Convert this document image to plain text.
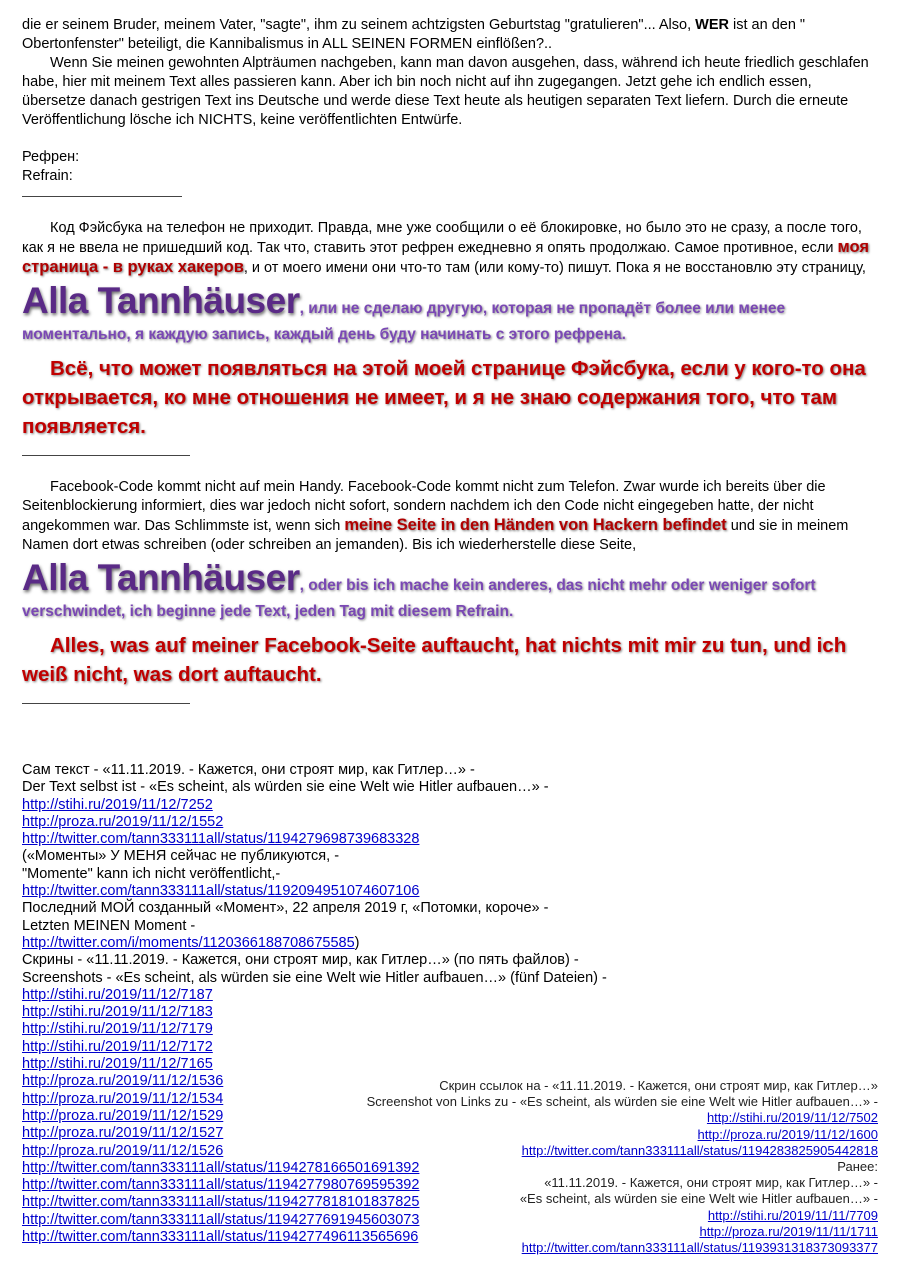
die er seinem Bruder, meinem Vater, "sagte", ihm zu seinem achtzigsten Geburtstag "gratulieren"... Also, WER ist an den " Obertonfenster" beteiligt, die Kannibalismus in ALL SEINEN FORMEN einflößen?..

Wenn Sie meinen gewohnten Alpträumen nachgeben, kann man davon ausgehen, dass, während ich heute friedlich geschlafen habe, hier mit meinem Text alles passieren kann. Aber ich bin noch nicht auf ihn zugegangen. Jetzt gehe ich endlich essen, übersetze danach gestrigen Text ins Deutsche und werde diese Text heute als heutigen separaten Text liefern. Durch die erneute Veröffentlichung lösche ich NICHTS, keine veröffentlichten Entwürfe.

Рефрен:

Refrain:

Код Фэйсбука на телефон не приходит. Правда, мне уже сообщили о её блокировке, но было это не сразу, а после того, как я не ввела не пришедший код. Так что, ставить этот рефрен ежедневно я опять продолжаю. Самое противное, если моя страница - в руках хакеров, и от моего имени они что-то там (или кому-то) пишут. Пока я не восстановлю эту страницу,

Alla Tannhäuser, или не сделаю другую, которая не пропадёт более или менее моментально, я каждую запись, каждый день буду начинать с этого рефрена.

Всё, что может появляться на этой моей странице Фэйсбука, если у кого-то она открывается, ко мне отношения не имеет, и я не знаю содержания того, что там появляется.

Facebook-Code kommt nicht auf mein Handy. Facebook-Code kommt nicht zum Telefon. Zwar wurde ich bereits über die Seitenblockierung informiert, dies war jedoch nicht sofort, sondern nachdem ich den Code nicht eingegeben hatte, der nicht angekommen war. Das Schlimmste ist, wenn sich meine Seite in den Händen von Hackern befindet und sie in meinem Namen dort etwas schreiben (oder schreiben an jemanden). Bis ich wiederherstelle diese Seite,

Alla Tannhäuser, oder bis ich mache kein anderes, das nicht mehr oder weniger sofort verschwindet, ich beginne jede Text, jeden Tag mit diesem Refrain.

Alles, was auf meiner Facebook-Seite auftaucht, hat nichts mit mir zu tun, und ich weiß nicht, was dort auftaucht.

Сам текст - «11.11.2019. - Кажется, они строят мир, как Гитлер…» -
Der Text selbst ist - «Es scheint, als würden sie eine Welt wie Hitler aufbauen…» -
http://stihi.ru/2019/11/12/7252
http://proza.ru/2019/11/12/1552
http://twitter.com/tann333111all/status/1194279698739683328
(«Моменты» У МЕНЯ сейчас не публикуются, -
"Momente" kann ich nicht veröffentlicht,-
http://twitter.com/tann333111all/status/1192094951074607106
Последний МОЙ созданный «Момент», 22 апреля 2019 г, «Потомки, короче» -
Letzten MEINEN Moment -
http://twitter.com/i/moments/1120366188708675585)
Скрины - «11.11.2019. - Кажется, они строят мир, как Гитлер…» (по пять файлов) -
Screenshots - «Es scheint, als würden sie eine Welt wie Hitler aufbauen…» (fünf Dateien) -
http://stihi.ru/2019/11/12/7187
http://stihi.ru/2019/11/12/7183
http://stihi.ru/2019/11/12/7179
http://stihi.ru/2019/11/12/7172
http://stihi.ru/2019/11/12/7165
http://proza.ru/2019/11/12/1536
http://proza.ru/2019/11/12/1534
http://proza.ru/2019/11/12/1529
http://proza.ru/2019/11/12/1527
http://proza.ru/2019/11/12/1526
http://twitter.com/tann333111all/status/1194278166501691392
http://twitter.com/tann333111all/status/1194277980769595392
http://twitter.com/tann333111all/status/1194277818101837825
http://twitter.com/tann333111all/status/1194277691945603073
http://twitter.com/tann333111all/status/1194277496113565696
Скрин ссылок на - «11.11.2019. - Кажется, они строят мир, как Гитлер…»
Screenshot von Links zu - «Es scheint, als würden sie eine Welt wie Hitler aufbauen…» -
http://stihi.ru/2019/11/12/7502
http://proza.ru/2019/11/12/1600
http://twitter.com/tann333111all/status/1194283825905442818
Ранее:
«11.11.2019. - Кажется, они строят мир, как Гитлер…» -
«Es scheint, als würden sie eine Welt wie Hitler aufbauen…» -
http://stihi.ru/2019/11/11/7709
http://proza.ru/2019/11/11/1711
http://twitter.com/tann333111all/status/1193931318373093377
